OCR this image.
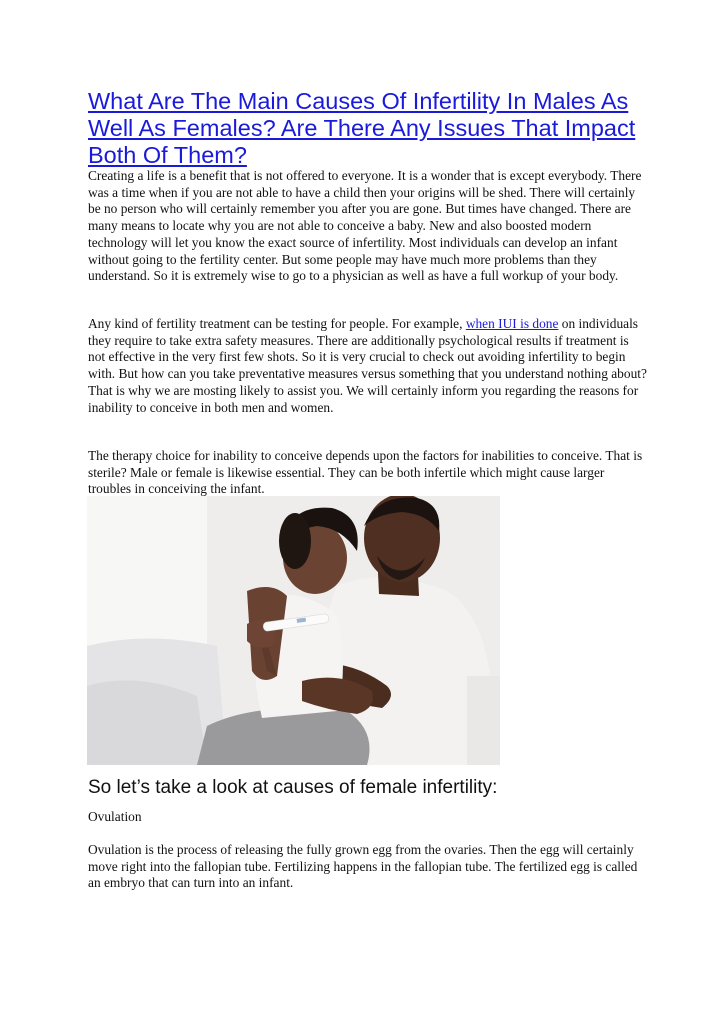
What Are The Main Causes Of Infertility In Males As Well As Females? Are There Any Issues That Impact Both Of Them?

Creating a life is a benefit that is not offered to everyone. It is a wonder that is except everybody. There was a time when if you are not able to have a child then your origins will be shed. There will certainly be no person who will certainly remember you after you are gone. But times have changed. There are many means to locate why you are not able to conceive a baby. New and also boosted modern technology will let you know the exact source of infertility. Most individuals can develop an infant without going to the fertility center. But some people may have much more problems than they understand. So it is extremely wise to go to a physician as well as have a full workup of your body.

Any kind of fertility treatment can be testing for people. For example, when IUI is done on individuals they require to take extra safety measures. There are additionally psychological results if treatment is not effective in the very first few shots. So it is very crucial to check out avoiding infertility to begin with. But how can you take preventative measures versus something that you understand nothing about? That is why we are mosting likely to assist you. We will certainly inform you regarding the reasons for inability to conceive in both men and women.

The therapy choice for inability to conceive depends upon the factors for inabilities to conceive. That is sterile? Male or female is likewise essential. They can be both infertile which might cause larger troubles in conceiving the infant.

So let’s take a look at causes of female infertility:

Ovulation

Ovulation is the process of releasing the fully grown egg from the ovaries. Then the egg will certainly move right into the fallopian tube. Fertilizing happens in the fallopian tube. The fertilized egg is called an embryo that can turn into an infant.
